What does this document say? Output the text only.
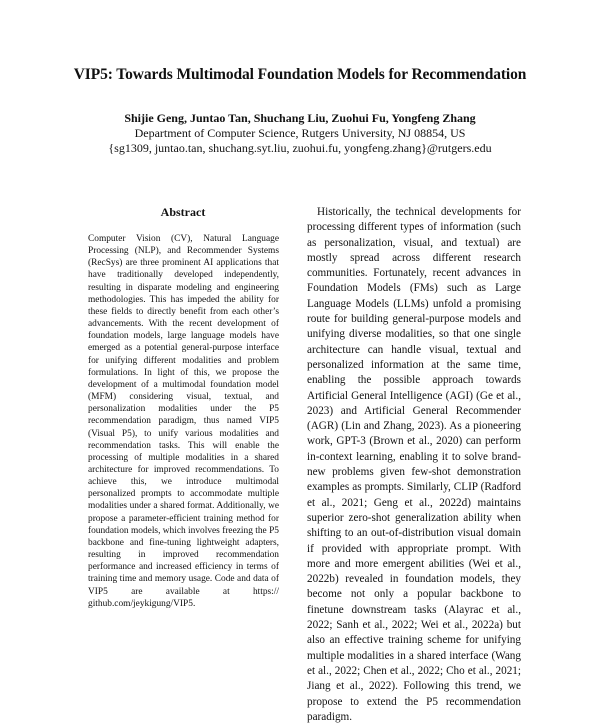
VIP5: Towards Multimodal Foundation Models for Recommendation
Shijie Geng, Juntao Tan, Shuchang Liu, Zuohui Fu, Yongfeng Zhang
Department of Computer Science, Rutgers University, NJ 08854, US
{sg1309, juntao.tan, shuchang.syt.liu, zuohui.fu, yongfeng.zhang}@rutgers.edu
Abstract

Computer Vision (CV), Natural Language Processing (NLP), and Recommender Systems (RecSys) are three prominent AI applications that have traditionally developed independently, resulting in disparate modeling and engineering methodologies. This has impeded the ability for these fields to directly benefit from each other’s advancements. With the recent development of foundation models, large language models have emerged as a potential general-purpose interface for unifying different modalities and problem formulations. In light of this, we propose the development of a multimodal foundation model (MFM) considering visual, textual, and personalization modalities under the P5 recommendation paradigm, thus named VIP5 (Visual P5), to unify various modalities and recommendation tasks. This will enable the processing of multiple modalities in a shared architecture for improved recommendations. To achieve this, we introduce multimodal personalized prompts to accommodate multiple modalities under a shared format. Additionally, we propose a parameter-efficient training method for foundation models, which involves freezing the P5 backbone and fine-tuning lightweight adapters, resulting in improved recommendation performance and increased efficiency in terms of training time and memory usage. Code and data of VIP5 are available at https:// github.com/jeykigung/VIP5.

Historically, the technical developments for processing different types of information (such as personalization, visual, and textual) are mostly spread across different research communities. Fortunately, recent advances in Foundation Models (FMs) such as Large Language Models (LLMs) unfold a promising route for building general-purpose models and unifying diverse modalities, so that one single architecture can handle visual, textual and personalized information at the same time, enabling the possible approach towards Artificial General Intelligence (AGI) (Ge et al., 2023) and Artificial General Recommender (AGR) (Lin and Zhang, 2023). As a pioneering work, GPT-3 (Brown et al., 2020) can perform in-context learning, enabling it to solve brand-new problems given few-shot demonstration examples as prompts. Similarly, CLIP (Radford et al., 2021; Geng et al., 2022d) maintains superior zero-shot generalization ability when shifting to an out-of-distribution visual domain if provided with appropriate prompt. With more and more emergent abilities (Wei et al., 2022b) revealed in foundation models, they become not only a popular backbone to finetune downstream tasks (Alayrac et al., 2022; Sanh et al., 2022; Wei et al., 2022a) but also an effective training scheme for unifying multiple modalities in a shared interface (Wang et al., 2022; Chen et al., 2022; Cho et al., 2021; Jiang et al., 2022). Following this trend, we propose to extend the P5 recommendation paradigm.
